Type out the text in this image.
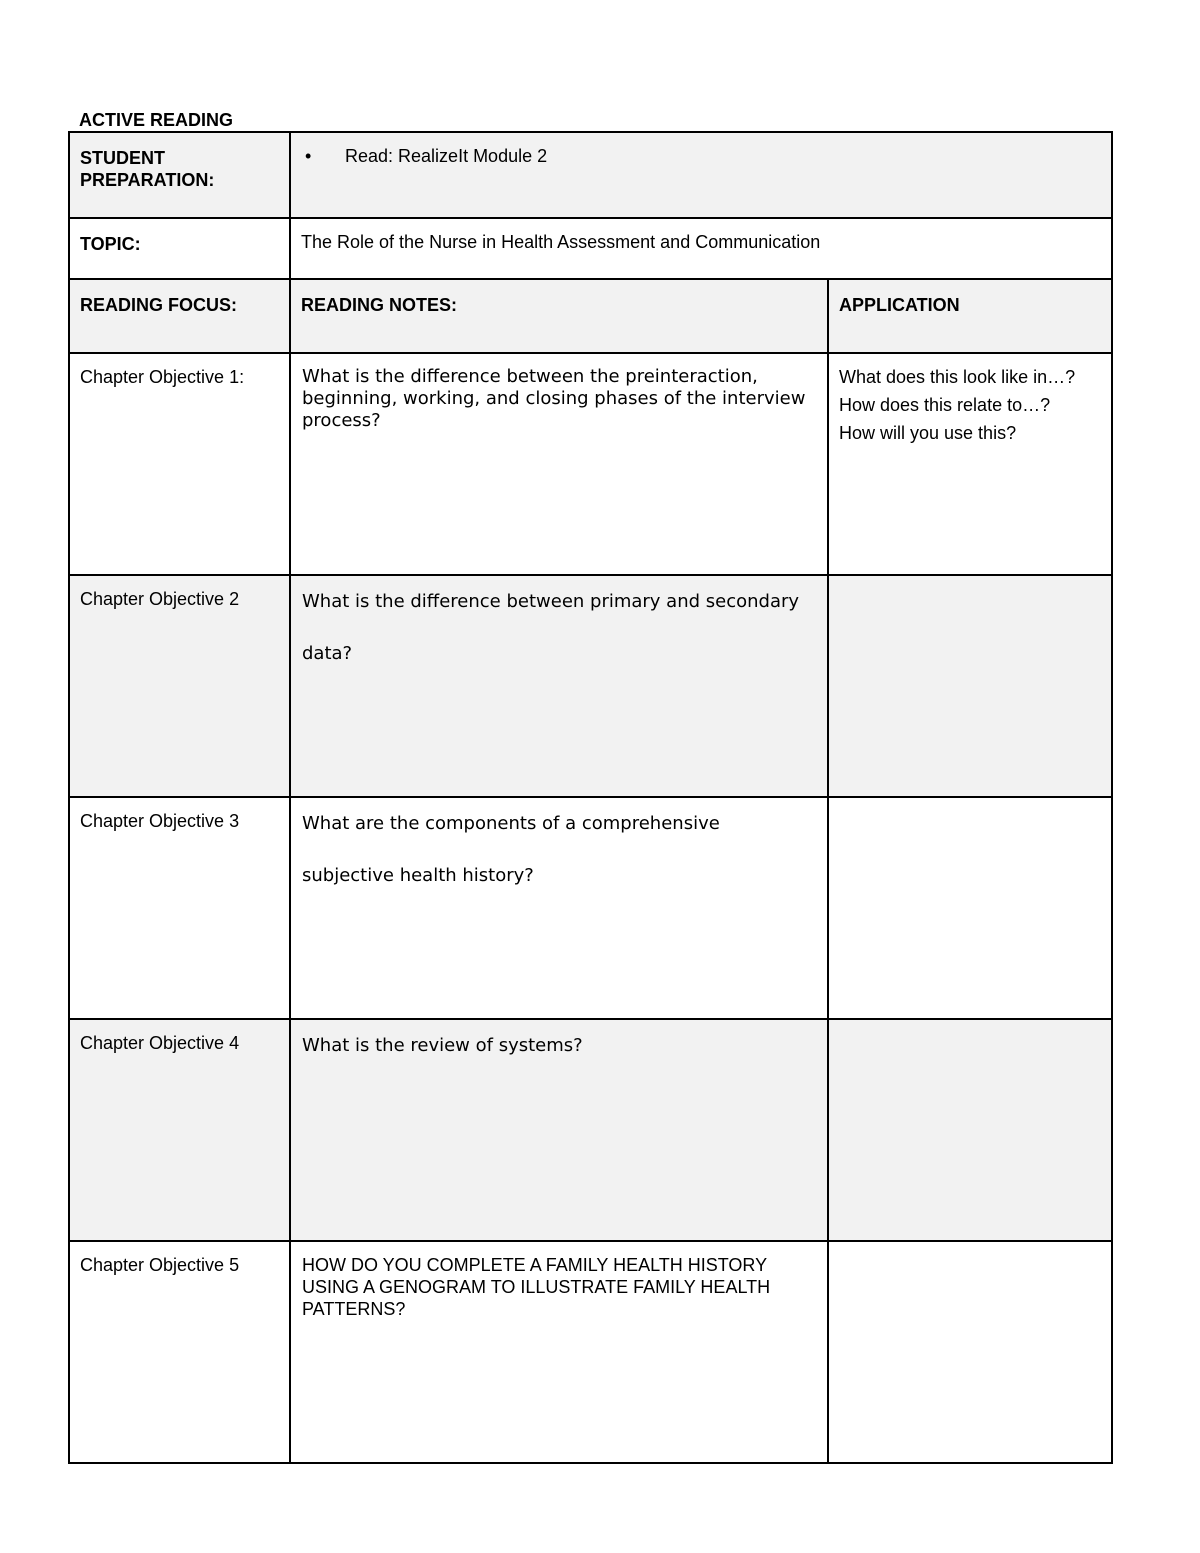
ACTIVE READING

STUDENT PREPARATION:	• Read: RealizeIt Module 2	

TOPIC:	The Role of the Nurse in Health Assessment and Communication	
READING FOCUS:	READING NOTES:	APPLICATION
Chapter Objective 1:	What is the difference between the preinteraction, beginning, working, and closing phases of the interview process?	What does this look like in…?
How does this relate to…?
How will you use this?

Chapter Objective 2	What is the difference between primary and secondary data?	
Chapter Objective 3	What are the components of a comprehensive subjective health history?	
Chapter Objective 4	What is the review of systems?	
Chapter Objective 5	HOW DO YOU COMPLETE A FAMILY HEALTH HISTORY USING A GENOGRAM TO ILLUSTRATE FAMILY HEALTH PATTERNS?	
